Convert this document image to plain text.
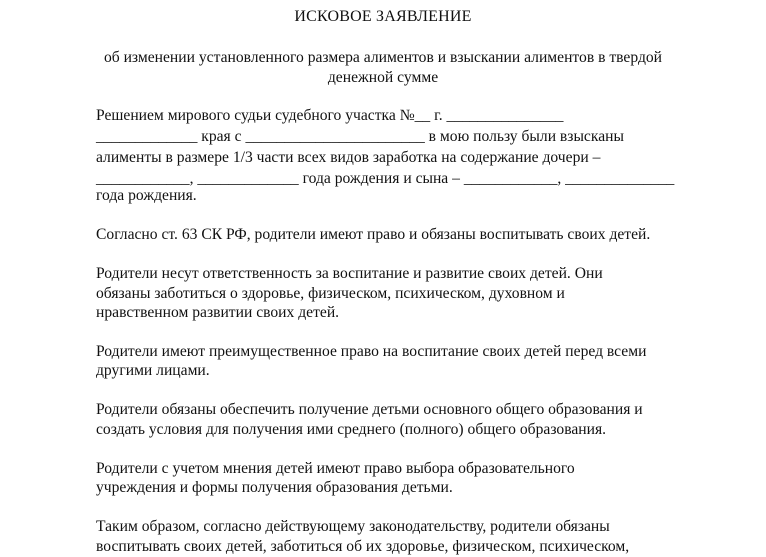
ИСКОВОЕ ЗАЯВЛЕНИЕ
об изменении установленного размера алиментов и взыскании алиментов в твердой
денежной сумме
Решением мирового судьи судебного участка №__ г. _______________
_____________ края с _______________________ в мою пользу были взысканы
алименты в размере 1/3 части всех видов заработка на содержание дочери –
____________, _____________ года рождения и сына – ____________, ______________
года рождения.
Согласно ст. 63 СК РФ, родители имеют право и обязаны воспитывать своих детей.
Родители несут ответственность за воспитание и развитие своих детей. Они
обязаны заботиться о здоровье, физическом, психическом, духовном и
нравственном развитии своих детей.
Родители имеют преимущественное право на воспитание своих детей перед всеми
другими лицами.
Родители обязаны обеспечить получение детьми основного общего образования и
создать условия для получения ими среднего (полного) общего образования.
Родители с учетом мнения детей имеют право выбора образовательного
учреждения и формы получения образования детьми.
Таким образом, согласно действующему законодательству, родители обязаны
воспитывать своих детей, заботиться об их здоровье, физическом, психическом,
